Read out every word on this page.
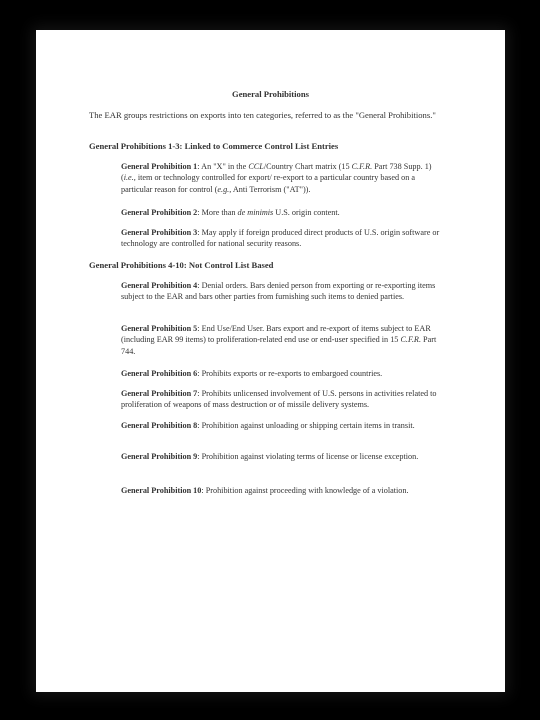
General Prohibitions
The EAR groups restrictions on exports into ten categories, referred to as the "General Prohibitions."
General Prohibitions 1-3: Linked to Commerce Control List Entries
General Prohibition 1: An "X" in the CCL/Country Chart matrix (15 C.F.R. Part 738 Supp. 1) (i.e., item or technology controlled for export/ re-export to a particular country based on a particular reason for control (e.g., Anti Terrorism ("AT")).
General Prohibition 2: More than de minimis U.S. origin content.
General Prohibition 3: May apply if foreign produced direct products of U.S. origin software or technology are controlled for national security reasons.
General Prohibitions 4-10: Not Control List Based
General Prohibition 4: Denial orders. Bars denied person from exporting or re-exporting items subject to the EAR and bars other parties from furnishing such items to denied parties.
General Prohibition 5: End Use/End User. Bars export and re-export of items subject to EAR (including EAR 99 items) to proliferation-related end use or end-user specified in 15 C.F.R. Part 744.
General Prohibition 6: Prohibits exports or re-exports to embargoed countries.
General Prohibition 7: Prohibits unlicensed involvement of U.S. persons in activities related to proliferation of weapons of mass destruction or of missile delivery systems.
General Prohibition 8: Prohibition against unloading or shipping certain items in transit.
General Prohibition 9: Prohibition against violating terms of license or license exception.
General Prohibition 10: Prohibition against proceeding with knowledge of a violation.
